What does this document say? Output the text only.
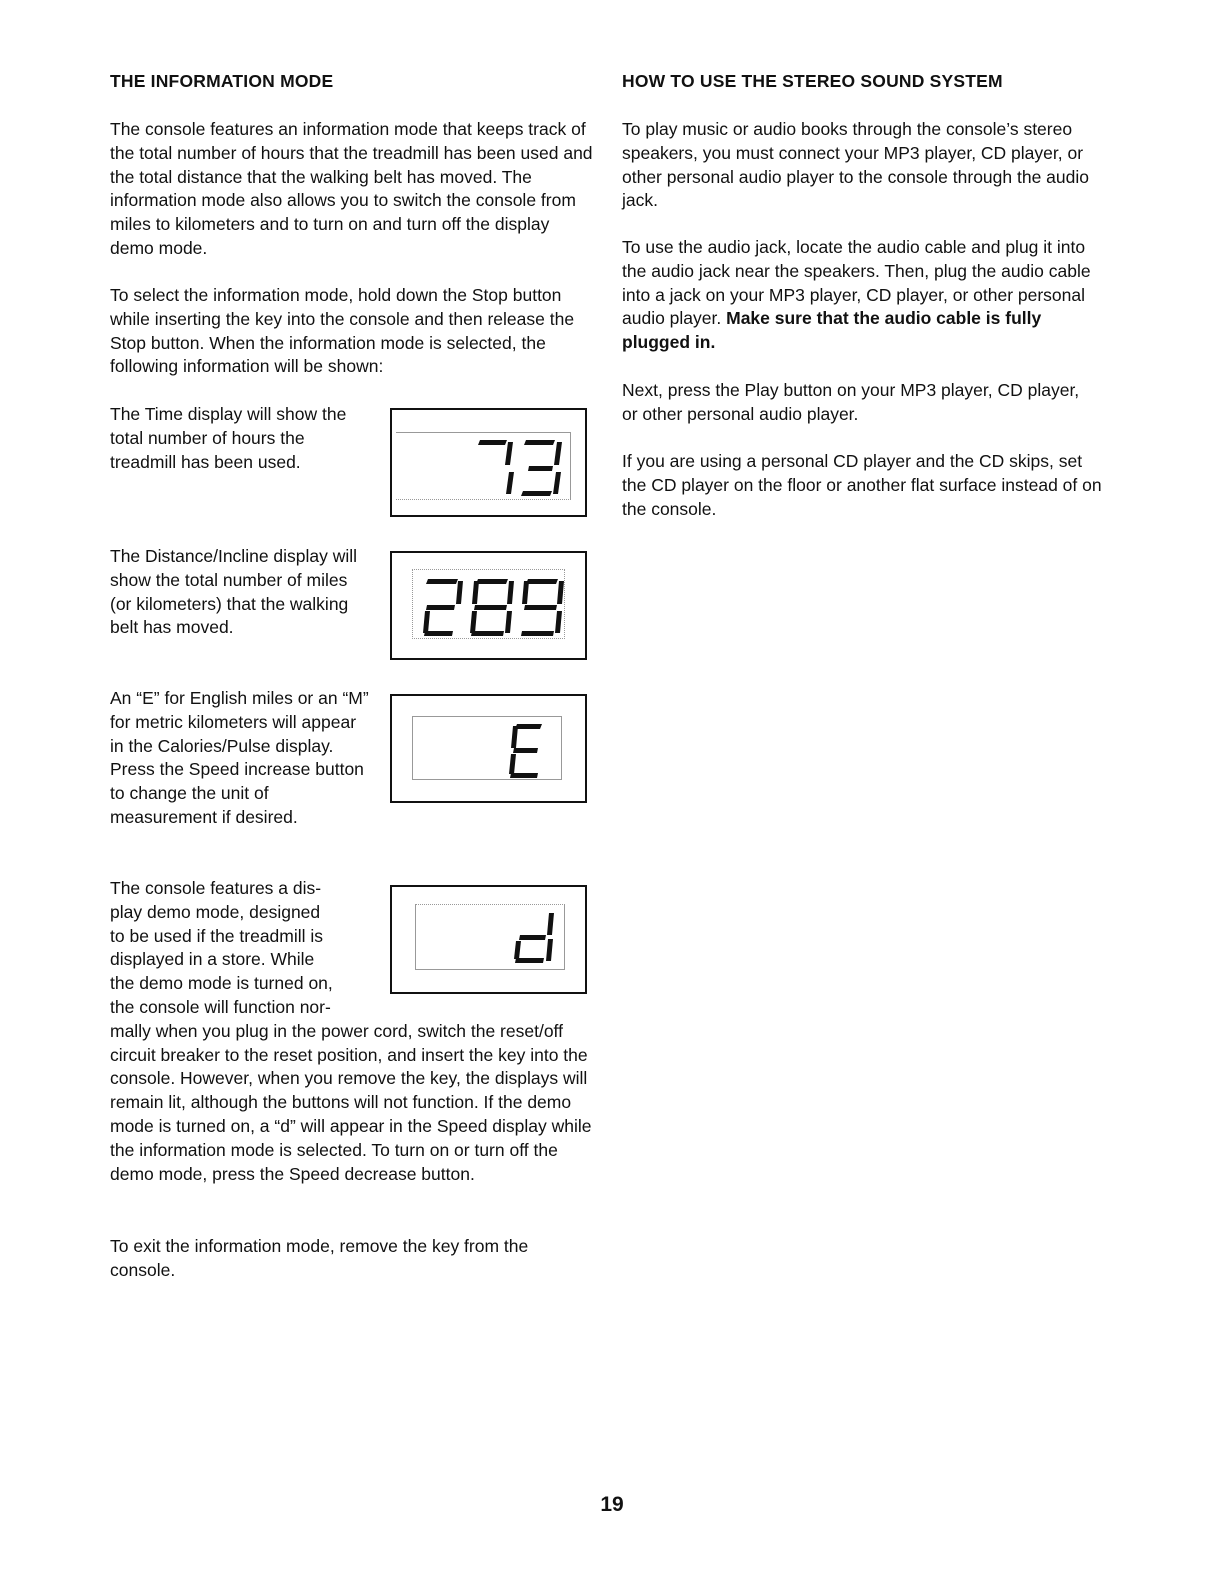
THE INFORMATION MODE

The console features an information mode that keeps track of the total number of hours that the treadmill has been used and the total distance that the walking belt has moved. The information mode also allows you to switch the console from miles to kilometers and to turn on and turn off the display demo mode.

To select the information mode, hold down the Stop button while inserting the key into the console and then release the Stop button. When the information mode is selected, the following information will be shown:

The Time display will show the total number of hours the treadmill has been used.

The Distance/Incline display will show the total number of miles (or kilometers) that the walking belt has moved.

An “E” for English miles or an “M” for metric kilometers will appear in the Calories/Pulse display. Press the Speed increase button to change the unit of measurement if desired.

The console features a dis-

play demo mode, designed

to be used if the treadmill is

displayed in a store. While

the demo mode is turned on,

the console will function nor-

mally when you plug in the power cord, switch the reset/off circuit breaker to the reset position, and insert the key into the console. However, when you remove the key, the displays will remain lit, although the buttons will not function. If the demo mode is turned on, a “d” will appear in the Speed display while the information mode is selected. To turn on or turn off the demo mode, press the Speed decrease button.

To exit the information mode, remove the key from the console.

HOW TO USE THE STEREO SOUND SYSTEM

To play music or audio books through the console’s stereo speakers, you must connect your MP3 player, CD player, or other personal audio player to the console through the audio jack.

To use the audio jack, locate the audio cable and plug it into the audio jack near the speakers. Then, plug the audio cable into a jack on your MP3 player, CD player, or other personal audio player. Make sure that the audio cable is fully plugged in.

Next, press the Play button on your MP3 player, CD player, or other personal audio player.

If you are using a personal CD player and the CD skips, set the CD player on the floor or another flat surface instead of on the console.

19
